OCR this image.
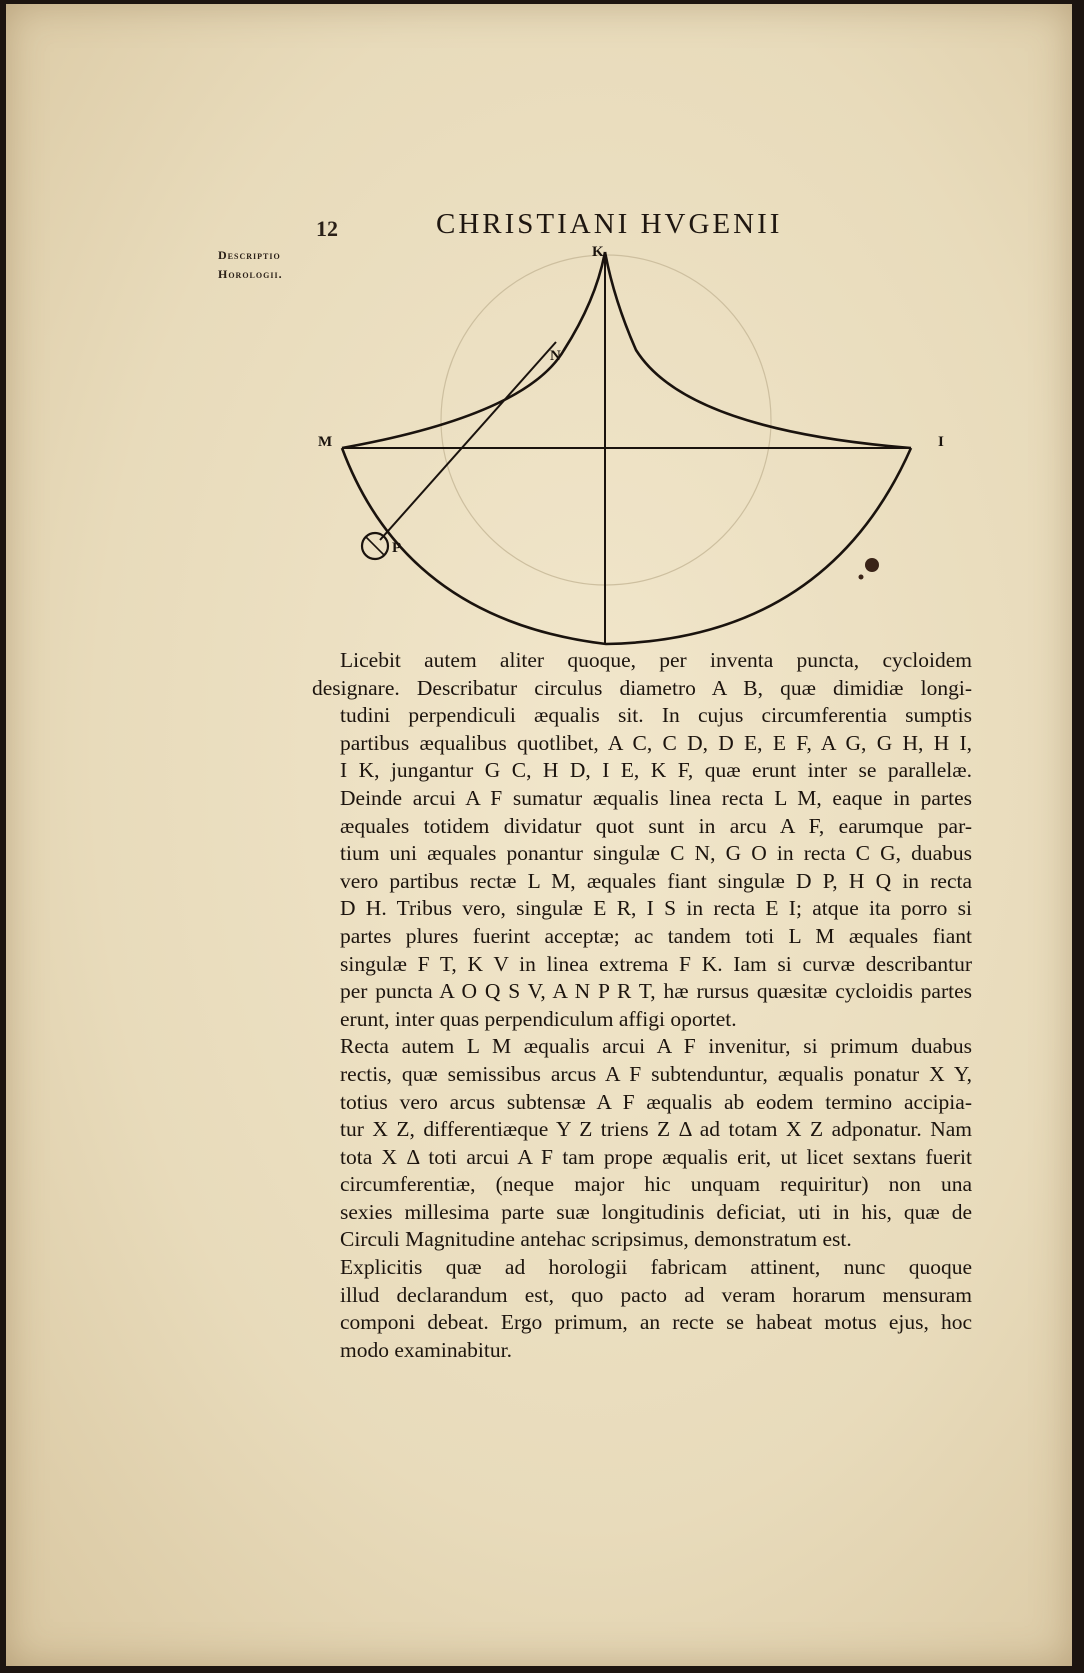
12	CHRISTIANI HVGENII
Descriptio
Horologii.
K
N
M	I
P

Licebit autem aliter quoque, per inventa puncta, cycloidem
designare. Describatur circulus diametro A B, quæ dimidiæ longi-
tudini perpendiculi æqualis sit. In cujus circumferentia sumptis
partibus æqualibus quotlibet, A C, C D, D E, E F, A G, G H, H I,
I K, jungantur G C, H D, I E, K F, quæ erunt inter se parallelæ.
Deinde arcui A F sumatur æqualis linea recta L M, eaque in partes
æquales totidem dividatur quot sunt in arcu A F, earumque par-
tium uni æquales ponantur singulæ C N, G O in recta C G, duabus
vero partibus rectæ L M, æquales fiant singulæ D P, H Q in recta
D H. Tribus vero, singulæ E R, I S in recta E I; atque ita porro si
partes plures fuerint acceptæ; ac tandem toti L M æquales fiant
singulæ F T, K V in linea extrema F K. Iam si curvæ describantur
per puncta A O Q S V, A N P R T, hæ rursus quæsitæ cycloidis partes
erunt, inter quas perpendiculum affigi oportet.

Recta autem L M æqualis arcui A F invenitur, si primum duabus
rectis, quæ semissibus arcus A F subtenduntur, æqualis ponatur X Y,
totius vero arcus subtensæ A F æqualis ab eodem termino accipia-
tur X Z, differentiæque Y Z triens Z Δ ad totam X Z adponatur. Nam
tota X Δ toti arcui A F tam prope æqualis erit, ut licet sextans fuerit
circumferentiæ, (neque major hic unquam requiritur) non una
sexies millesima parte suæ longitudinis deficiat, uti in his, quæ de
Circuli Magnitudine antehac scripsimus, demonstratum est.

Explicitis quæ ad horologii fabricam attinent, nunc quoque
illud declarandum est, quo pacto ad veram horarum mensuram
componi debeat. Ergo primum, an recte se habeat motus ejus, hoc
modo examinabitur.
